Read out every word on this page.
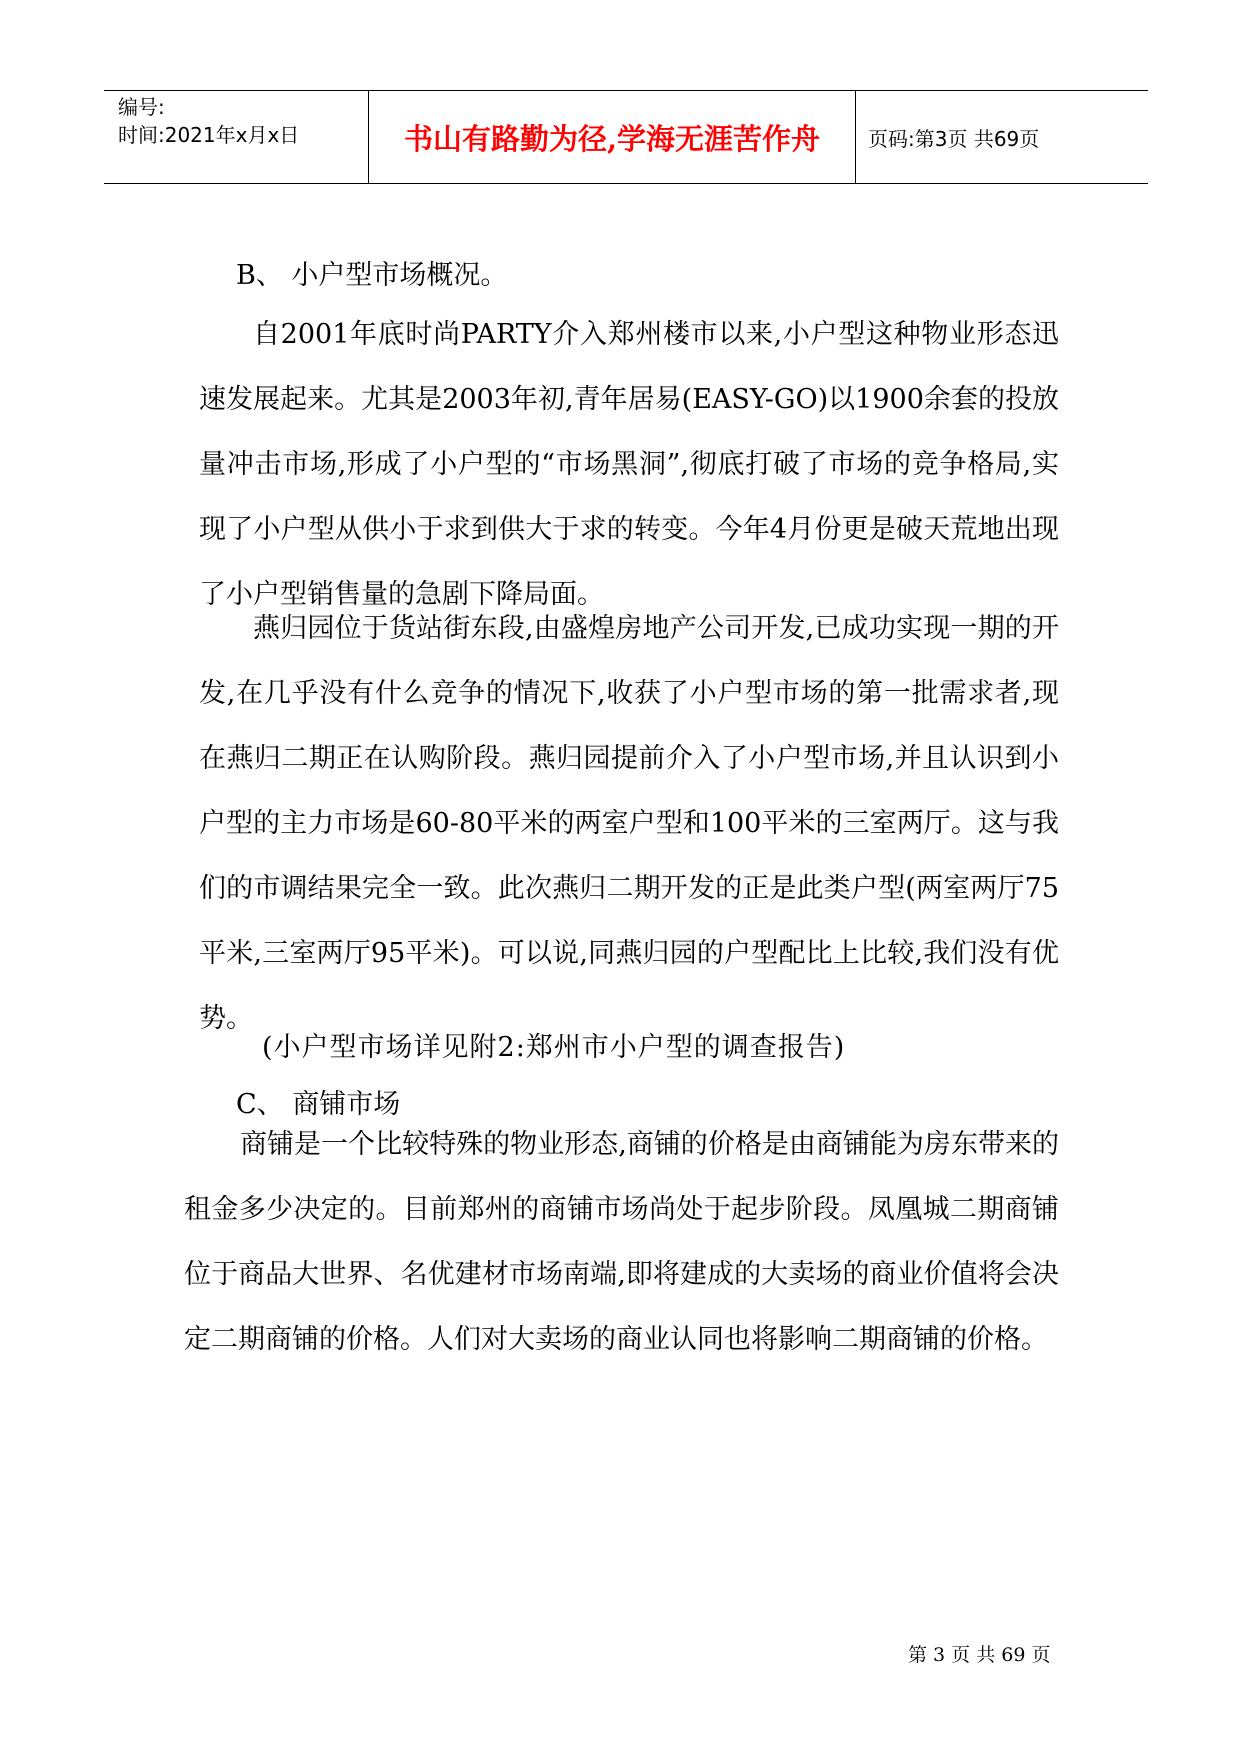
编号:
时间:2021年x月x日	书山有路勤为径,学海无涯苦作舟 页码:第3页 共69页
B、 小户型市场概况。

自2001年底时尚PARTY介入郑州楼市以来,小户型这种物业形态迅速发展起来。尤其是2003年初,青年居易(EASY-GO)以1900余套的投放量冲击市场,形成了小户型的“市场黑洞”,彻底打破了市场的竞争格局,实现了小户型从供小于求到供大于求的转变。今年4月份更是破天荒地出现了小户型销售量的急剧下降局面。

燕归园位于货站街东段,由盛煌房地产公司开发,已成功实现一期的开发,在几乎没有什么竞争的情况下,收获了小户型市场的第一批需求者,现在燕归二期正在认购阶段。燕归园提前介入了小户型市场,并且认识到小户型的主力市场是60-80平米的两室户型和100平米的三室两厅。这与我们的市调结果完全一致。此次燕归二期开发的正是此类户型(两室两厅75平米,三室两厅95平米)。可以说,同燕归园的户型配比上比较,我们没有优势。

(小户型市场详见附2:郑州市小户型的调查报告)
C、 商铺市场

商铺是一个比较特殊的物业形态,商铺的价格是由商铺能为房东带来的租金多少决定的。目前郑州的商铺市场尚处于起步阶段。凤凰城二期商铺位于商品大世界、名优建材市场南端,即将建成的大卖场的商业价值将会决定二期商铺的价格。人们对大卖场的商业认同也将影响二期商铺的价格。

第 3 页 共 69 页
